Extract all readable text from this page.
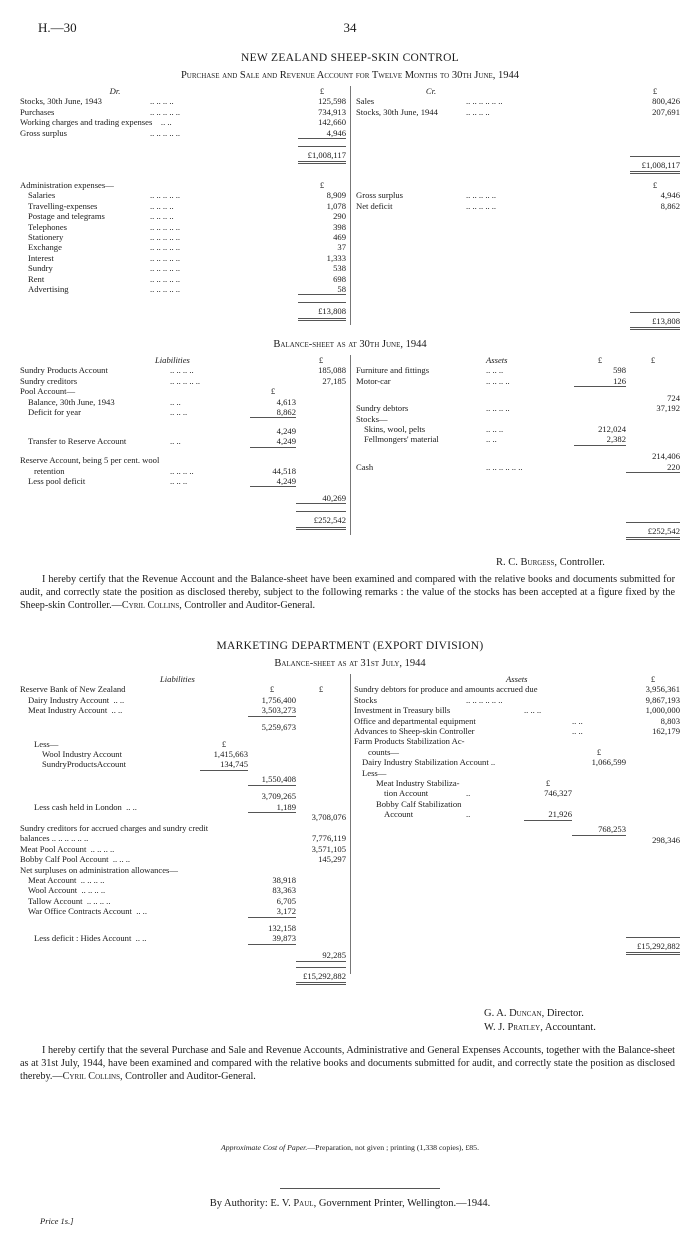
H.—30	34
NEW ZEALAND SHEEP-SKIN CONTROL
Purchase and Sale and Revenue Account for Twelve Months to 30th June, 1944
Dr.		£
Stocks, 30th June, 1943	.. .. .. ..	125,598
Purchases	.. .. .. .. ..	734,913
Working charges and trading expenses .. ..		142,660
Gross surplus	.. .. .. .. ..	4,946

		£1,008,117
Cr.		£
Sales	.. .. .. .. .. ..	800,426
Stocks, 30th June, 1944	.. .. .. ..	207,691

		£1,008,117
Administration expenses—		£
Salaries	.. .. .. .. ..	8,909
Travelling-expenses	.. .. .. ..	1,078
Postage and telegrams	.. .. .. ..	290
Telephones	.. .. .. .. ..	398
Stationery	.. .. .. .. ..	469
Exchange	.. .. .. .. ..	37
Interest	.. .. .. .. ..	1,333
Sundry	.. .. .. .. ..	538
Rent	.. .. .. .. ..	698
Advertising	.. .. .. .. ..	58

		£13,808
		£
Gross surplus	.. .. .. .. ..	4,946
Net deficit	.. .. .. .. ..	8,862

		£13,808
Balance-sheet as at 30th June, 1944
Liabilities			£
Sundry Products Account	.. .. .. ..		185,088
Sundry creditors	.. .. .. .. ..		27,185
Pool Account—		£	
Balance, 30th June, 1943	.. ..	4,613	
Deficit for year	.. .. ..	8,862	

		4,249	
Transfer to Reserve Account	.. ..	4,249	

Reserve Account, being 5 per cent. wool			
retention	.. .. .. ..	44,518	
Less pool deficit	.. .. ..	4,249	

			40,269

			£252,542
Assets		£	£
Furniture and fittings	.. .. ..	598	
Motor-car	.. .. .. ..	126	

			724
Sundry debtors	.. .. .. ..		37,192
Stocks—			
Skins, wool, pelts	.. .. ..	212,024	
Fellmongers' material	.. ..	2,382	

			214,406
Cash	.. .. .. .. .. ..		220

			£252,542
R. C. Burgess, Controller.
I hereby certify that the Revenue Account and the Balance-sheet have been examined and compared with the relative books and documents submitted for audit, and correctly state the position as disclosed thereby, subject to the following remarks : the value of the stocks has been accepted at a figure fixed by the Sheep-skin Controller.—Cyril Collins, Controller and Auditor-General.
MARKETING DEPARTMENT (EXPORT DIVISION)
Balance-sheet as at 31st July, 1944
	Liabilities			
Reserve Bank of New Zealand			£	£
Dairy Industry Account .. ..			1,756,400	
Meat Industry Account .. ..			3,503,273	

			5,259,673	

Less—		£		
Wool Industry Account		1,415,663		
SundryProductsAccount		134,745		

			1,550,408	

			3,709,265	
Less cash held in London .. ..			1,189	
				3,708,076
Sundry creditors for accrued charges and sundry credit				
balances .. .. .. .. .. ..				7,776,119
Meat Pool Account .. .. .. ..				3,571,105
Bobby Calf Pool Account .. .. ..				145,297
Net surpluses on administration allowances—				
Meat Account .. .. .. ..			38,918	
Wool Account .. .. .. ..			83,363	
Tallow Account .. .. .. ..			6,705	
War Office Contracts Account .. ..			3,172	

			132,158	
Less deficit : Hides Account .. ..			39,873	

				92,285

				£15,292,882
	Assets			£
Sundry debtors for produce and amounts accrued due				3,956,361
Stocks	.. .. .. .. .. ..			9,867,193
Investment in Treasury bills		.. .. ..		1,000,000
Office and departmental equipment			.. ..	8,803
Advances to Sheep-skin Controller			.. ..	162,179
Farm Products Stabilization Ac-				
counts—			£	
Dairy Industry Stabilization Account ..			1,066,599	
Less—				
Meat Industry Stabiliza-		£		
tion Account	..	746,327		
Bobby Calf Stabilization				
Account	..	21,926		

			768,253	
				298,346

				£15,292,882
G. A. Duncan, Director.
W. J. Pratley, Accountant.
I hereby certify that the several Purchase and Sale and Revenue Accounts, Administrative and General Expenses Accounts, together with the Balance-sheet as at 31st July, 1944, have been examined and compared with the relative books and documents submitted for audit, and correctly state the position as disclosed thereby.—Cyril Collins, Controller and Auditor-General.
Approximate Cost of Paper.—Preparation, not given ; printing (1,338 copies), £85.
By Authority: E. V. Paul, Government Printer, Wellington.—1944.
Price 1s.]
